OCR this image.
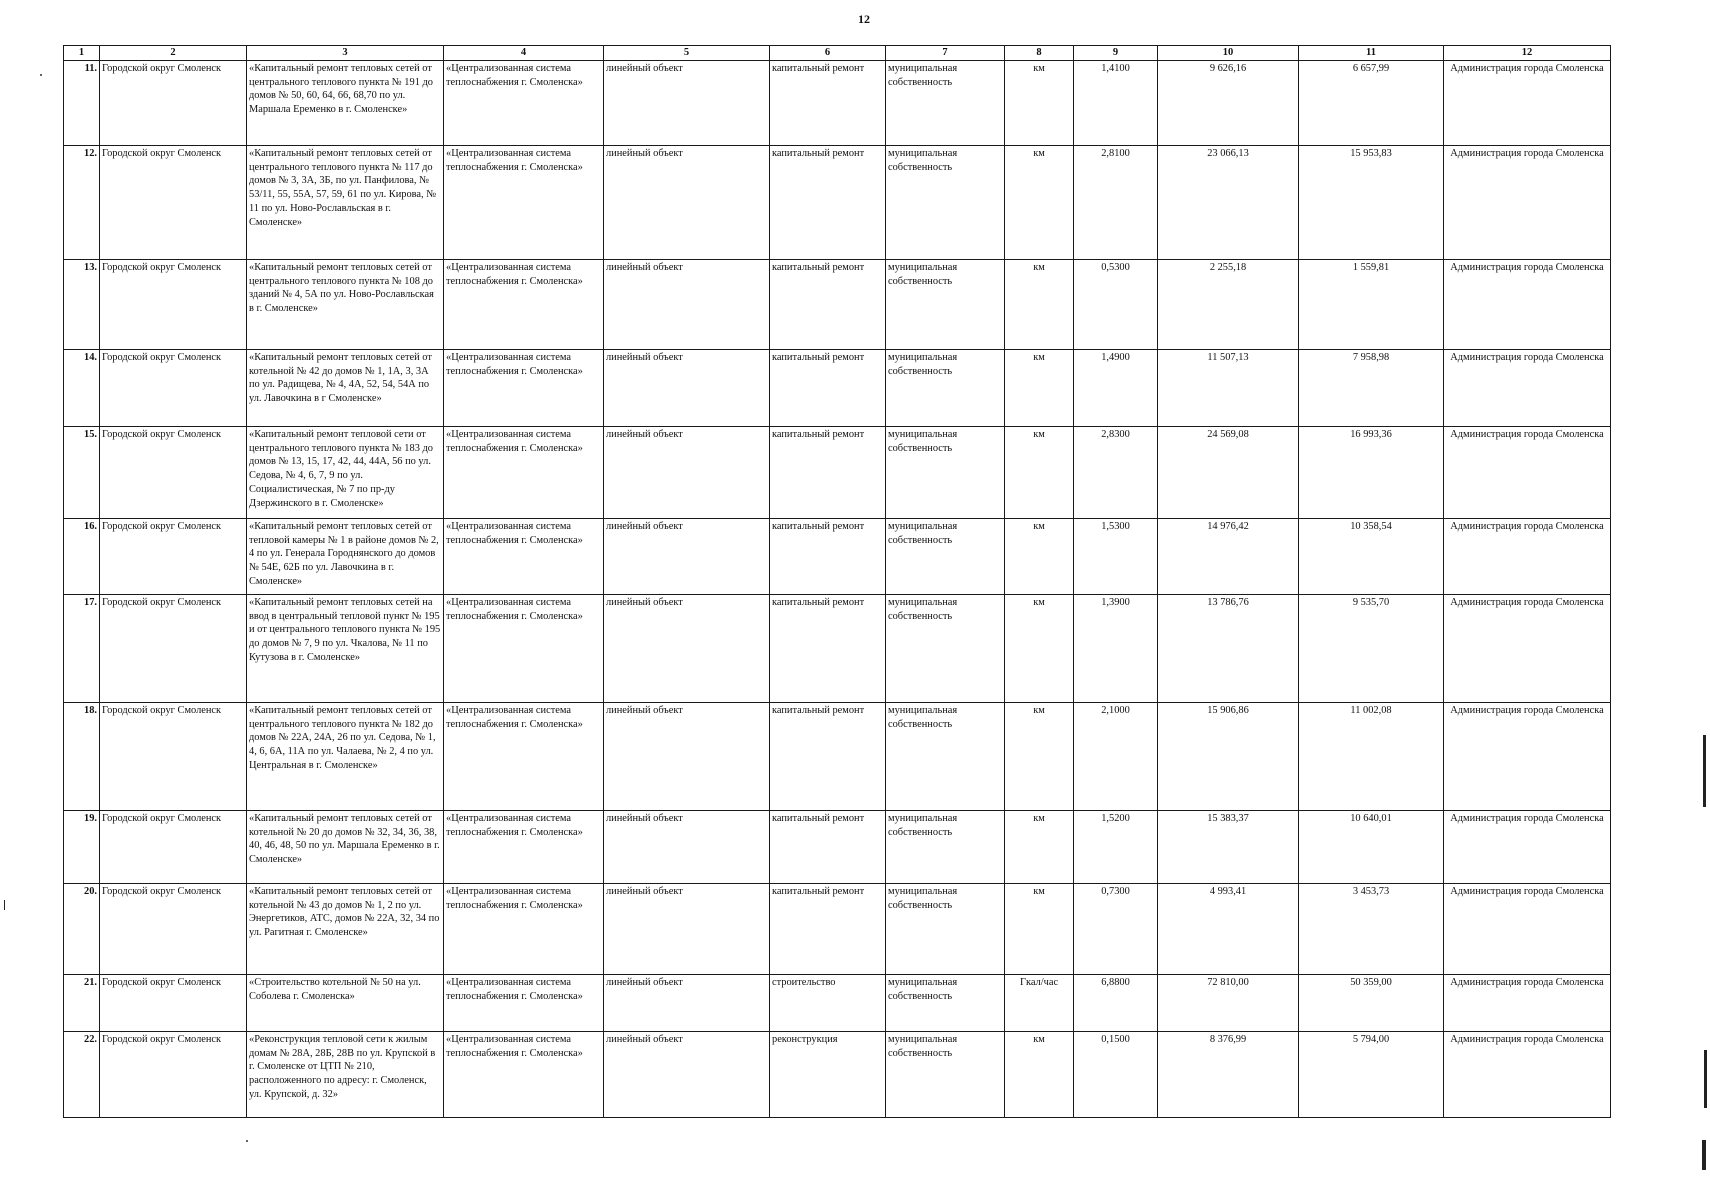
12
1	2	3	4	5	6	7	8	9	10	11	12
11.	Городской округ Смоленск	«Капитальный ремонт тепловых сетей от центрального теплового пункта № 191 до домов № 50, 60, 64, 66, 68,70 по ул. Маршала Еременко в г. Смоленске»	«Централизованная система теплоснабжения г. Смоленска»	линейный объект	капитальный ремонт	муниципальная собственность	км	1,4100	9 626,16	6 657,99	Администрация города Смоленска
12.	Городской округ Смоленск	«Капитальный ремонт тепловых сетей от центрального теплового пункта № 117 до домов № 3, 3А, 3Б, по ул. Панфилова, № 53/11, 55, 55А, 57, 59, 61 по ул. Кирова, № 11 по ул. Ново-Рославльская в г. Смоленске»	«Централизованная система теплоснабжения г. Смоленска»	линейный объект	капитальный ремонт	муниципальная собственность	км	2,8100	23 066,13	15 953,83	Администрация города Смоленска
13.	Городской округ Смоленск	«Капитальный ремонт тепловых сетей от центрального теплового пункта № 108 до зданий № 4, 5А по ул. Ново-Рославльская в г. Смоленске»	«Централизованная система теплоснабжения г. Смоленска»	линейный объект	капитальный ремонт	муниципальная собственность	км	0,5300	2 255,18	1 559,81	Администрация города Смоленска
14.	Городской округ Смоленск	«Капитальный ремонт тепловых сетей от котельной № 42 до домов № 1, 1А, 3, 3А по ул. Радищева, № 4, 4А, 52, 54, 54А по ул. Лавочкина в г Смоленске»	«Централизованная система теплоснабжения г. Смоленска»	линейный объект	капитальный ремонт	муниципальная собственность	км	1,4900	11 507,13	7 958,98	Администрация города Смоленска
15.	Городской округ Смоленск	«Капитальный ремонт тепловой сети от центрального теплового пункта № 183 до домов № 13, 15, 17, 42, 44, 44А, 56 по ул. Седова, № 4, 6, 7, 9 по ул. Социалистическая, № 7 по пр-ду Дзержинского в г. Смоленске»	«Централизованная система теплоснабжения г. Смоленска»	линейный объект	капитальный ремонт	муниципальная собственность	км	2,8300	24 569,08	16 993,36	Администрация города Смоленска
16.	Городской округ Смоленск	«Капитальный ремонт тепловых сетей от тепловой камеры № 1 в районе домов № 2, 4 по ул. Генерала Городнянского до домов № 54Е, 62Б по ул. Лавочкина в г. Смоленске»	«Централизованная система теплоснабжения г. Смоленска»	линейный объект	капитальный ремонт	муниципальная собственность	км	1,5300	14 976,42	10 358,54	Администрация города Смоленска
17.	Городской округ Смоленск	«Капитальный ремонт тепловых сетей на ввод в центральный тепловой пункт № 195 и от центрального теплового пункта № 195 до домов № 7, 9 по ул. Чкалова, № 11 по Кутузова в г. Смоленске»	«Централизованная система теплоснабжения г. Смоленска»	линейный объект	капитальный ремонт	муниципальная собственность	км	1,3900	13 786,76	9 535,70	Администрация города Смоленска
18.	Городской округ Смоленск	«Капитальный ремонт тепловых сетей от центрального теплового пункта № 182 до домов № 22А, 24А, 26 по ул. Седова, № 1, 4, 6, 6А, 11А по ул. Чалаева, № 2, 4 по ул. Центральная в г. Смоленске»	«Централизованная система теплоснабжения г. Смоленска»	линейный объект	капитальный ремонт	муниципальная собственность	км	2,1000	15 906,86	11 002,08	Администрация города Смоленска
19.	Городской округ Смоленск	«Капитальный ремонт тепловых сетей от котельной № 20 до домов № 32, 34, 36, 38, 40, 46, 48, 50 по ул. Маршала Еременко в г. Смоленске»	«Централизованная система теплоснабжения г. Смоленска»	линейный объект	капитальный ремонт	муниципальная собственность	км	1,5200	15 383,37	10 640,01	Администрация города Смоленска
20.	Городской округ Смоленск	«Капитальный ремонт тепловых сетей от котельной № 43 до домов № 1, 2 по ул. Энергетиков, АТС, домов № 22А, 32, 34 по ул. Рагитная г. Смоленске»	«Централизованная система теплоснабжения г. Смоленска»	линейный объект	капитальный ремонт	муниципальная собственность	км	0,7300	4 993,41	3 453,73	Администрация города Смоленска
21.	Городской округ Смоленск	«Строительство котельной № 50 на ул. Соболева г. Смоленска»	«Централизованная система теплоснабжения г. Смоленска»	линейный объект	строительство	муниципальная собственность	Гкал/час	6,8800	72 810,00	50 359,00	Администрация города Смоленска
22.	Городской округ Смоленск	«Реконструкция тепловой сети к жилым домам № 28А, 28Б, 28В по ул. Крупской в г. Смоленске от ЦТП № 210, расположенного по адресу: г. Смоленск, ул. Крупской, д. 32»	«Централизованная система теплоснабжения г. Смоленска»	линейный объект	реконструкция	муниципальная собственность	км	0,1500	8 376,99	5 794,00	Администрация города Смоленска
